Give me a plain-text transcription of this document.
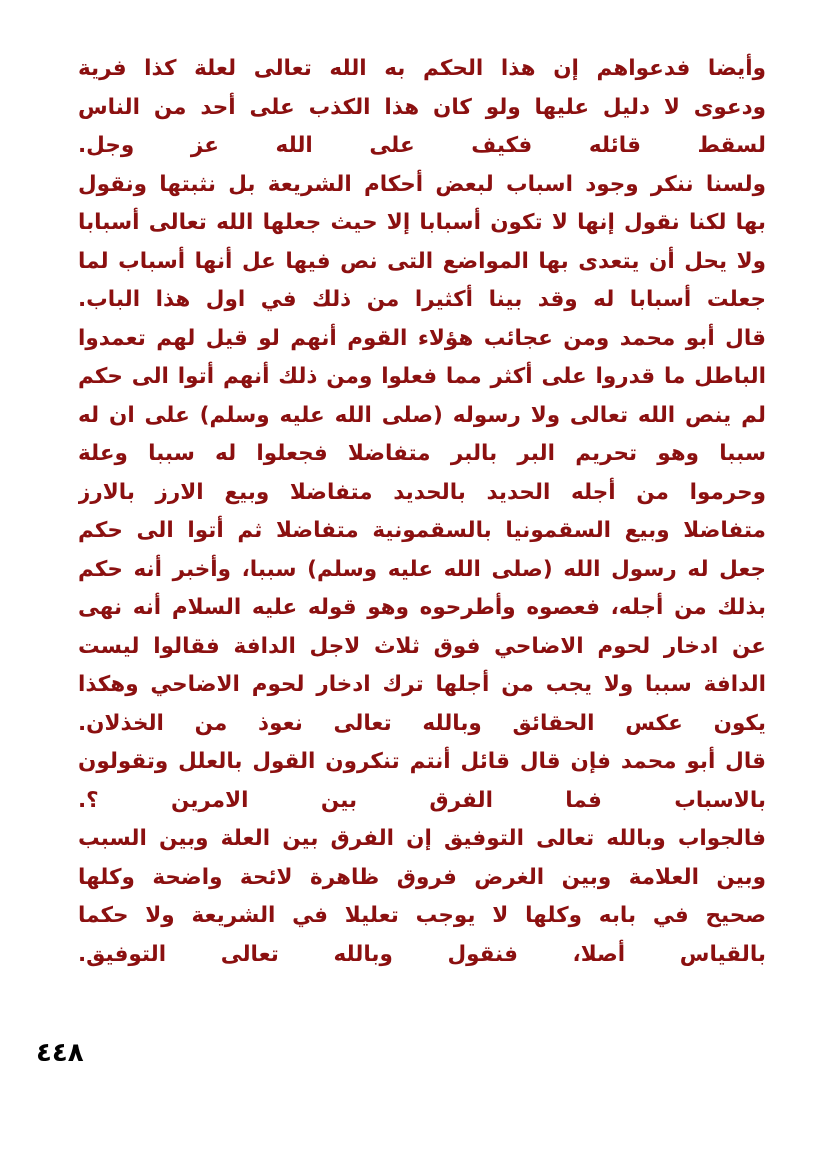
وأيضا فدعواهم إن هذا الحكم به الله تعالى لعلة كذا فرية
ودعوى لا دليل عليها ولو كان هذا الكذب على أحد من الناس
لسقط قائله فكيف على الله عز وجل.
ولسنا ننكر وجود اسباب لبعض أحكام الشريعة بل نثبتها ونقول
بها لكنا نقول إنها لا تكون أسبابا إلا حيث جعلها الله تعالى أسبابا
ولا يحل أن يتعدى بها المواضع التى نص فيها عل أنها أسباب لما
جعلت أسبابا له وقد بينا أكثيرا من ذلك في اول هذا الباب.
قال أبو محمد ومن عجائب هؤلاء القوم أنهم لو قيل لهم تعمدوا
الباطل ما قدروا على أكثر مما فعلوا ومن ذلك أنهم أتوا الى حكم
لم ينص الله تعالى ولا رسوله (صلى الله عليه وسلم) على ان له
سببا وهو تحريم البر بالبر متفاضلا فجعلوا له سببا وعلة
وحرموا من أجله الحديد بالحديد متفاضلا وبيع الارز بالارز
متفاضلا وبيع السقمونيا بالسقمونية متفاضلا ثم أتوا الى حكم
جعل له رسول الله (صلى الله عليه وسلم) سببا، وأخبر أنه حكم
بذلك من أجله، فعصوه وأطرحوه وهو قوله عليه السلام أنه نهى
عن ادخار لحوم الاضاحي فوق ثلاث لاجل الدافة فقالوا ليست
الدافة سببا ولا يجب من أجلها ترك ادخار لحوم الاضاحي وهكذا
يكون عكس الحقائق وبالله تعالى نعوذ من الخذلان.
قال أبو محمد فإن قال قائل أنتم تنكرون القول بالعلل وتقولون
بالاسباب فما الفرق بين الامرين ؟.
فالجواب وبالله تعالى التوفيق إن الفرق بين العلة وبين السبب
وبين العلامة وبين الغرض فروق ظاهرة لائحة واضحة وكلها
صحيح في بابه وكلها لا يوجب تعليلا في الشريعة ولا حكما
بالقياس أصلا، فنقول وبالله تعالى التوفيق.
٤٤٨
